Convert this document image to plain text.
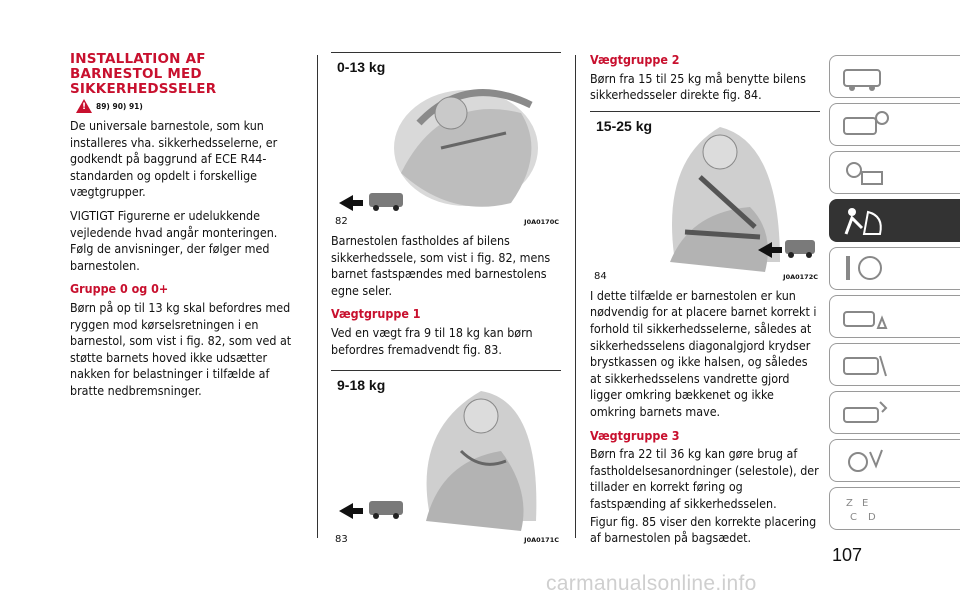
INSTALLATION AF BARNESTOL MED SIKKERHEDSSELER
! 89) 90) 91)

De universale barnestole, som kun installeres vha. sikkerhedsselerne, er godkendt på baggrund af ECE R44-standarden og opdelt i forskellige vægtgrupper.

VIGTIGT Figurerne er udelukkende vejledende hvad angår monteringen. Følg de anvisninger, der følger med barnestolen.

Gruppe 0 og 0+

Børn på op til 13 kg skal befordres med ryggen mod kørselsretningen i en barnestol, som vist i fig. 82, som ved at støtte barnets hoved ikke udsætter nakken for belastninger i tilfælde af bratte nedbremsninger.

0-13 kg
82	J0A0170C

Barnestolen fastholdes af bilens sikkerhedssele, som vist i fig. 82, mens barnet fastspændes med barnestolens egne seler.

Vægtgruppe 1

Ved en vægt fra 9 til 18 kg kan børn befordres fremadvendt fig. 83.

9-18 kg
83	J0A0171C
Vægtgruppe 2

Børn fra 15 til 25 kg må benytte bilens sikkerhedsseler direkte fig. 84.

15-25 kg
84	J0A0172C

I dette tilfælde er barnestolen er kun nødvendig for at placere barnet korrekt i forhold til sikkerhedsselerne, således at sikkerhedsselens diagonalgjord krydser brystkassen og ikke halsen, og således at sikkerhedsselens vandrette gjord ligger omkring bækkenet og ikke omkring barnets mave.

Vægtgruppe 3

Børn fra 22 til 36 kg kan gøre brug af fastholdelsesanordninger (selestole), der tillader en korrekt føring og fastspænding af sikkerhedsselen.

Figur fig. 85 viser den korrekte placering af barnestolen på bagsædet.

Z E
C D
107
carmanualsonline.info
